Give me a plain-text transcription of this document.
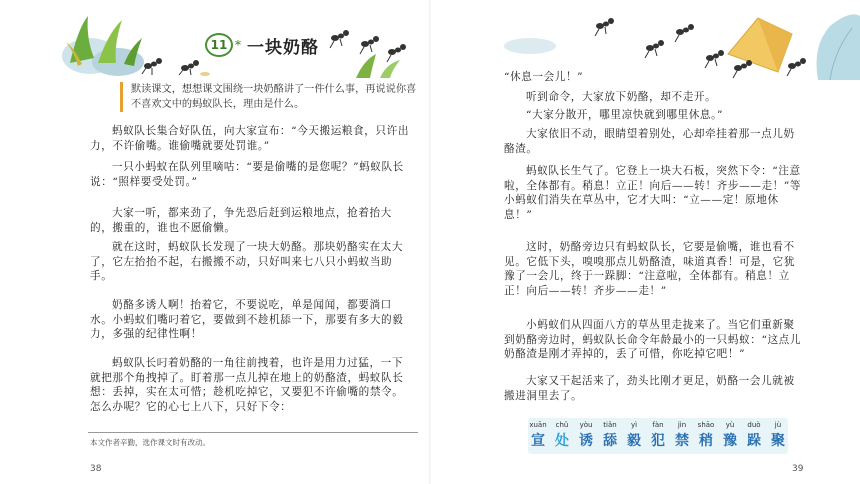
11 * 一块奶酪
默读课文，想想课文围绕一块奶酪讲了一件什么事，再说说你喜不喜欢文中的蚂蚁队长，理由是什么。
蚂蚁队长集合好队伍，向大家宣布：“今天搬运粮食，只许出力，不许偷嘴。谁偷嘴就要处罚谁。”
一只小蚂蚁在队列里嘀咕：“要是偷嘴的是您呢？”蚂蚁队长说：“照样要受处罚。”
大家一听，都来劲了，争先恐后赶到运粮地点，抢着抬大的，搬重的，谁也不愿偷懒。
就在这时，蚂蚁队长发现了一块大奶酪。那块奶酪实在太大了，它左抬抬不起，右搬搬不动，只好叫来七八只小蚂蚁当助手。
奶酪多诱人啊！抬着它，不要说吃，单是闻闻，都要淌口水。小蚂蚁们嘴叼着它，要做到不趁机舔一下，那要有多大的毅力，多强的纪律性啊！
蚂蚁队长叼着奶酪的一角往前拽着，也许是用力过猛，一下就把那个角拽掉了。盯着那一点儿掉在地上的奶酪渣，蚂蚁队长想：丢掉，实在太可惜；趁机吃掉它，又要犯不许偷嘴的禁令。怎么办呢？它的心七上八下，只好下令：
本文作者辛勤，选作课文时有改动。
38
“休息一会儿！”
听到命令，大家放下奶酪，却不走开。
“大家分散开，哪里凉快就到哪里休息。”
大家依旧不动，眼睛望着别处，心却牵挂着那一点儿奶酪渣。
蚂蚁队长生气了。它登上一块大石板，突然下令：“注意啦，全体都有。稍息！立正！向后——转！齐步——走！”等小蚂蚁们消失在草丛中，它才大叫：“立——定！原地休息！”
这时，奶酪旁边只有蚂蚁队长，它要是偷嘴，谁也看不见。它低下头，嗅嗅那点儿奶酪渣，味道真香！可是，它犹豫了一会儿，终于一跺脚：“注意啦，全体都有。稍息！立正！向后——转！齐步——走！”
小蚂蚁们从四面八方的草丛里走拢来了。当它们重新聚到奶酪旁边时，蚂蚁队长命令年龄最小的一只蚂蚁：“这点儿奶酪渣是刚才弄掉的，丢了可惜，你吃掉它吧！”
大家又干起活来了，劲头比刚才更足，奶酪一会儿就被搬进洞里去了。
xuān
宣
chǔ
处
yòu
诱
tiǎn
舔
yì
毅
fàn
犯
jìn
禁
shāo
稍
yù
豫
duò
跺
jù
聚
39
